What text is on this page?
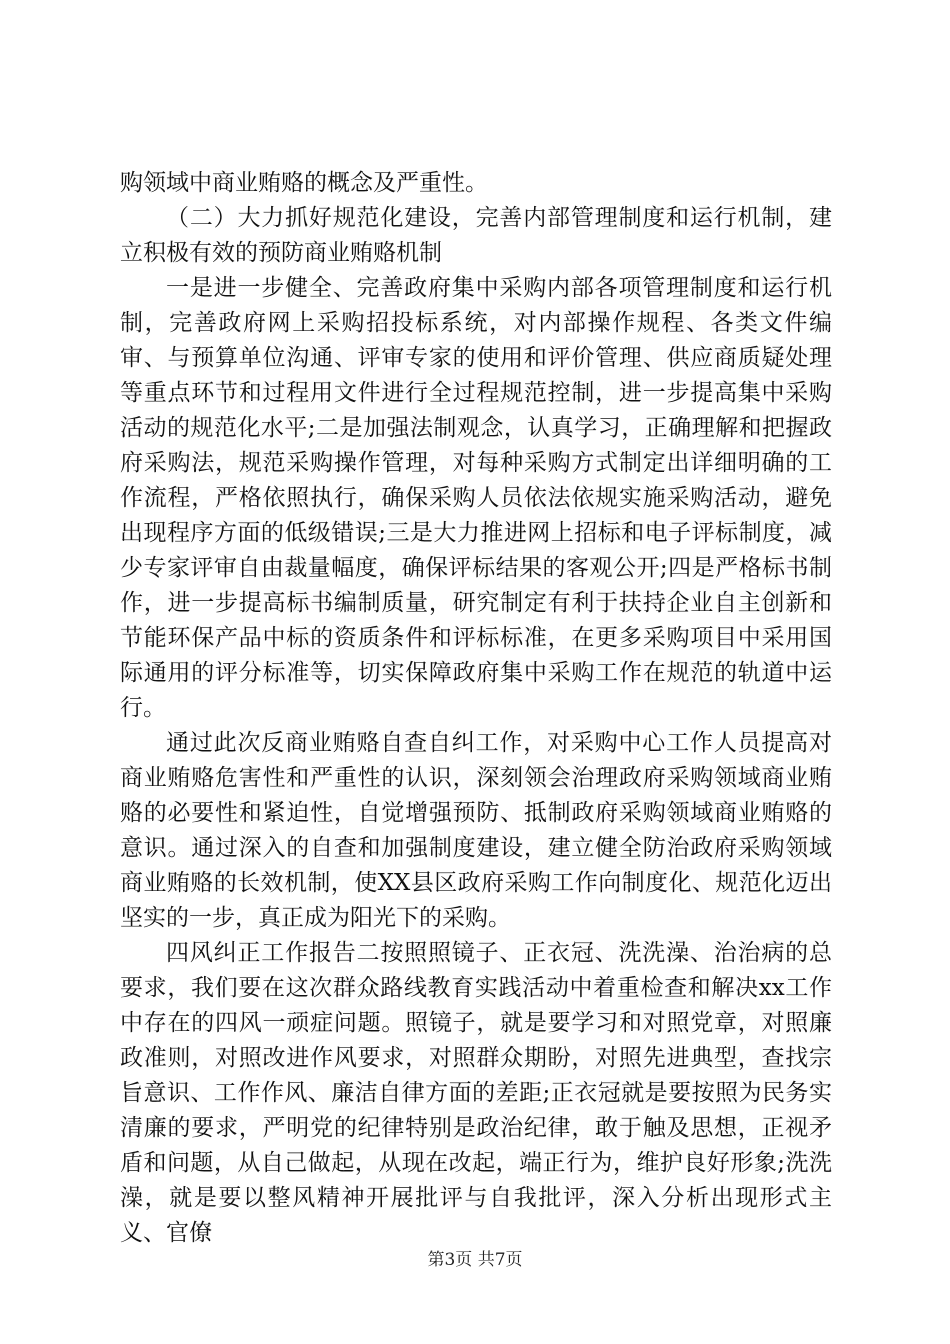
购领域中商业贿赂的概念及严重性。

（二）大力抓好规范化建设，完善内部管理制度和运行机制，建立积极有效的预防商业贿赂机制

一是进一步健全、完善政府集中采购内部各项管理制度和运行机制，完善政府网上采购招投标系统，对内部操作规程、各类文件编审、与预算单位沟通、评审专家的使用和评价管理、供应商质疑处理等重点环节和过程用文件进行全过程规范控制，进一步提高集中采购活动的规范化水平;二是加强法制观念，认真学习，正确理解和把握政府采购法，规范采购操作管理，对每种采购方式制定出详细明确的工作流程，严格依照执行，确保采购人员依法依规实施采购活动，避免出现程序方面的低级错误;三是大力推进网上招标和电子评标制度，减少专家评审自由裁量幅度，确保评标结果的客观公开;四是严格标书制作，进一步提高标书编制质量，研究制定有利于扶持企业自主创新和节能环保产品中标的资质条件和评标标准，在更多采购项目中采用国际通用的评分标准等，切实保障政府集中采购工作在规范的轨道中运行。

通过此次反商业贿赂自查自纠工作，对采购中心工作人员提高对商业贿赂危害性和严重性的认识，深刻领会治理政府采购领域商业贿赂的必要性和紧迫性，自觉增强预防、抵制政府采购领域商业贿赂的意识。通过深入的自查和加强制度建设，建立健全防治政府采购领域商业贿赂的长效机制，使XX县区政府采购工作向制度化、规范化迈出坚实的一步，真正成为阳光下的采购。

四风纠正工作报告二按照照镜子、正衣冠、洗洗澡、治治病的总要求，我们要在这次群众路线教育实践活动中着重检查和解决xx工作中存在的四风一顽症问题。照镜子，就是要学习和对照党章，对照廉政准则，对照改进作风要求，对照群众期盼，对照先进典型，查找宗旨意识、工作作风、廉洁自律方面的差距;正衣冠就是要按照为民务实清廉的要求，严明党的纪律特别是政治纪律，敢于触及思想，正视矛盾和问题，从自己做起，从现在改起，端正行为，维护良好形象;洗洗澡，就是要以整风精神开展批评与自我批评，深入分析出现形式主义、官僚

第3页 共7页
